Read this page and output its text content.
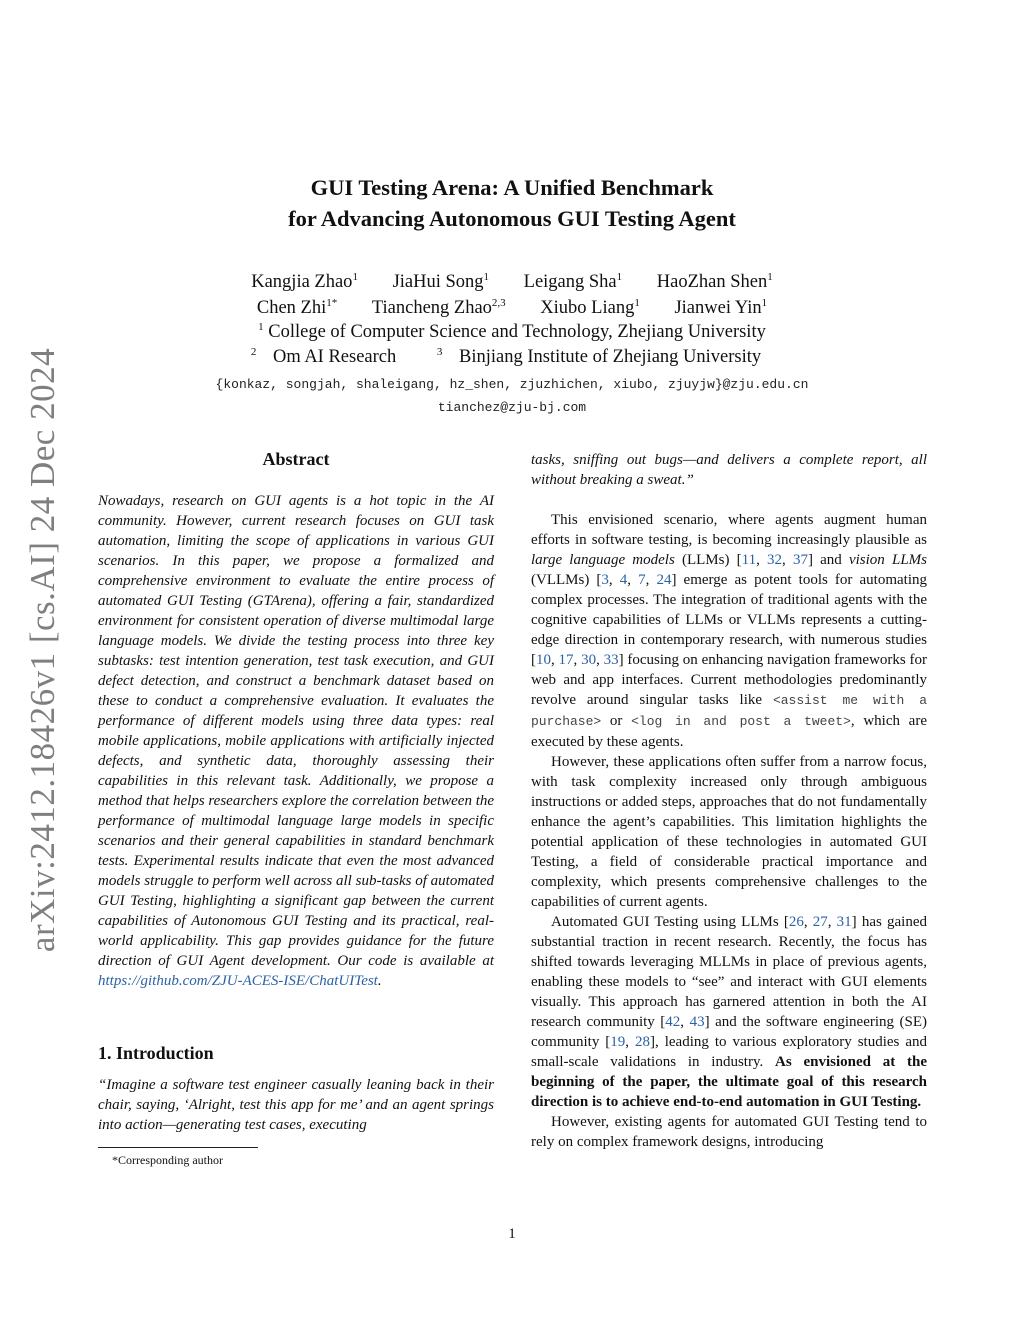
arXiv:2412.18426v1 [cs.AI] 24 Dec 2024
GUI Testing Arena: A Unified Benchmark
for Advancing Autonomous GUI Testing Agent
Kangjia Zhao$^1$ JiaHui Song$^1$ Leigang Sha$^1$ HaoZhan Shen$^1$
Chen Zhi$^{1*}$ Tiancheng Zhao$^{2,3}$ Xiubo Liang$^1$ Jianwei Yin$^1$
$^1$ College of Computer Science and Technology, Zhejiang University
$^2$ Om AI Research	$^3$ Binjiang Institute of Zhejiang University
{konkaz, songjah, shaleigang, hz_shen, zjuzhichen, xiubo, zjuyjw}@zju.edu.cn
tianchez@zju-bj.com
Abstract

Nowadays, research on GUI agents is a hot topic in the AI community. However, current research focuses on GUI task automation, limiting the scope of applications in various GUI scenarios. In this paper, we propose a formalized and comprehensive environment to evaluate the entire process of automated GUI Testing (GTArena), offering a fair, standardized environment for consistent operation of diverse multimodal large language models. We divide the testing process into three key subtasks: test intention generation, test task execution, and GUI defect detection, and construct a benchmark dataset based on these to conduct a comprehensive evaluation. It evaluates the performance of different models using three data types: real mobile applications, mobile applications with artificially injected defects, and synthetic data, thoroughly assessing their capabilities in this relevant task. Additionally, we propose a method that helps researchers explore the correlation between the performance of multimodal language large models in specific scenarios and their general capabilities in standard benchmark tests. Experimental results indicate that even the most advanced models struggle to perform well across all sub-tasks of automated GUI Testing, highlighting a significant gap between the current capabilities of Autonomous GUI Testing and its practical, real-world applicability. This gap provides guidance for the future direction of GUI Agent development. Our code is available at https://github.com/ZJU-ACES-ISE/ChatUITest.

1. Introduction

“Imagine a software test engineer casually leaning back in their chair, saying, ‘Alright, test this app for me’ and an agent springs into action—generating test cases, executing

*Corresponding author

tasks, sniffing out bugs—and delivers a complete report, all without breaking a sweat.”

This envisioned scenario, where agents augment human efforts in software testing, is becoming increasingly plausible as large language models (LLMs) [11, 32, 37] and vision LLMs (VLLMs) [3, 4, 7, 24] emerge as potent tools for automating complex processes. The integration of traditional agents with the cognitive capabilities of LLMs or VLLMs represents a cutting-edge direction in contemporary research, with numerous studies [10, 17, 30, 33] focusing on enhancing navigation frameworks for web and app interfaces. Current methodologies predominantly revolve around singular tasks like <assist me with a purchase> or <log in and post a tweet>, which are executed by these agents.

However, these applications often suffer from a narrow focus, with task complexity increased only through ambiguous instructions or added steps, approaches that do not fundamentally enhance the agent’s capabilities. This limitation highlights the potential application of these technologies in automated GUI Testing, a field of considerable practical importance and complexity, which presents comprehensive challenges to the capabilities of current agents.

Automated GUI Testing using LLMs [26, 27, 31] has gained substantial traction in recent research. Recently, the focus has shifted towards leveraging MLLMs in place of previous agents, enabling these models to “see” and interact with GUI elements visually. This approach has garnered attention in both the AI research community [42, 43] and the software engineering (SE) community [19, 28], leading to various exploratory studies and small-scale validations in industry. As envisioned at the beginning of the paper, the ultimate goal of this research direction is to achieve end-to-end automation in GUI Testing.

However, existing agents for automated GUI Testing tend to rely on complex framework designs, introducing

1
